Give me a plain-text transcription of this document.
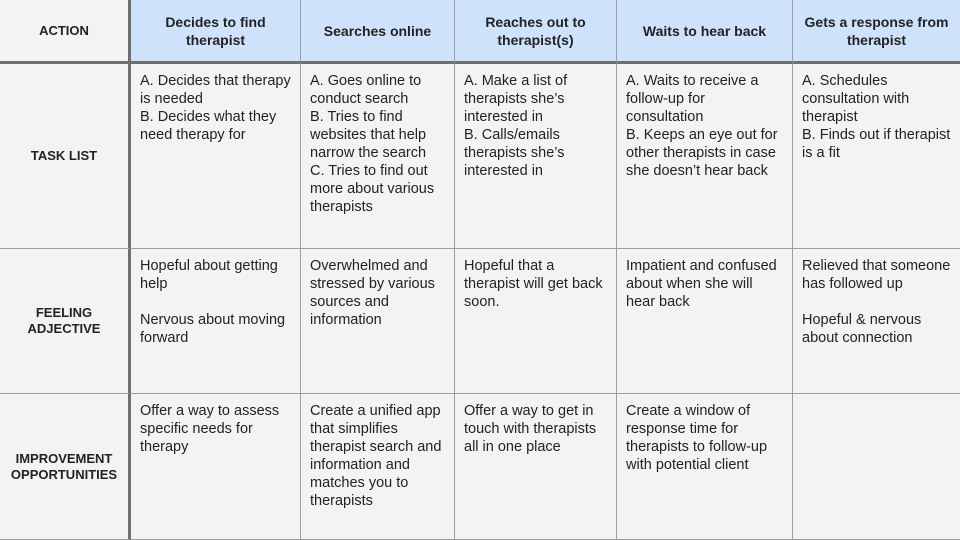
ACTION
Decides to find therapist
Searches online
Reaches out to therapist(s)
Waits to hear back
Gets a response from therapist
TASK LIST
A. Decides that therapy is needed
B. Decides what they need therapy for
A. Goes online to conduct search
B. Tries to find websites that help narrow the search
C. Tries to find out more about various therapists
A. Make a list of therapists she’s interested in
B. Calls/emails therapists she’s interested in
A. Waits to receive a follow-up for consultation
B. Keeps an eye out for other therapists in case she doesn’t hear back
A. Schedules consultation with therapist
B. Finds out if therapist is a fit
FEELING ADJECTIVE
Hopeful about getting help

Nervous about moving forward
Overwhelmed and stressed by various sources and information
Hopeful that a therapist will get back soon.
Impatient and confused about when she will hear back
Relieved that someone has followed up

Hopeful & nervous about connection
IMPROVEMENT OPPORTUNITIES
Offer a way to assess specific needs for therapy
Create a unified app that simplifies therapist search and information and matches you to therapists
Offer a way to get in touch with therapists all in one place
Create a window of response time for therapists to follow-up with potential client
